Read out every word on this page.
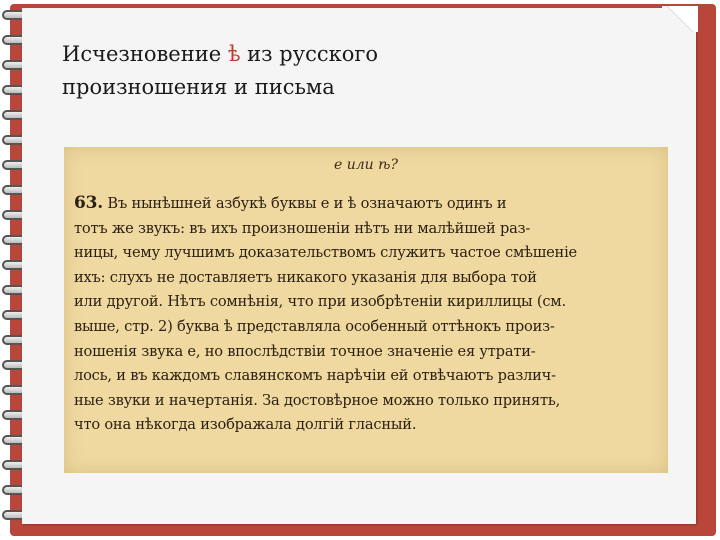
Исчезновение ѣ из русского
произношения и письма
е или ѣ?
63. Въ нынѣшней азбукѣ буквы е и ѣ означаютъ одинъ и
тотъ же звукъ: въ ихъ произношеніи нѣтъ ни малѣйшей раз-
ницы, чему лучшимъ доказательствомъ служитъ частое смѣшеніе
ихъ: слухъ не доставляетъ никакого указанія для выбора той
или другой. Нѣтъ сомнѣнія, что при изобрѣтеніи кириллицы (см.
выше, стр. 2) буква ѣ представляла особенный оттѣнокъ произ-
ношенія звука е, но впослѣдствіи точное значеніе ея утрати-
лось, и въ каждомъ славянскомъ нарѣчіи ей отвѣчаютъ различ-
ные звуки и начертанія. За достовѣрное можно только принять,
что она нѣкогда изображала долгій гласный.
